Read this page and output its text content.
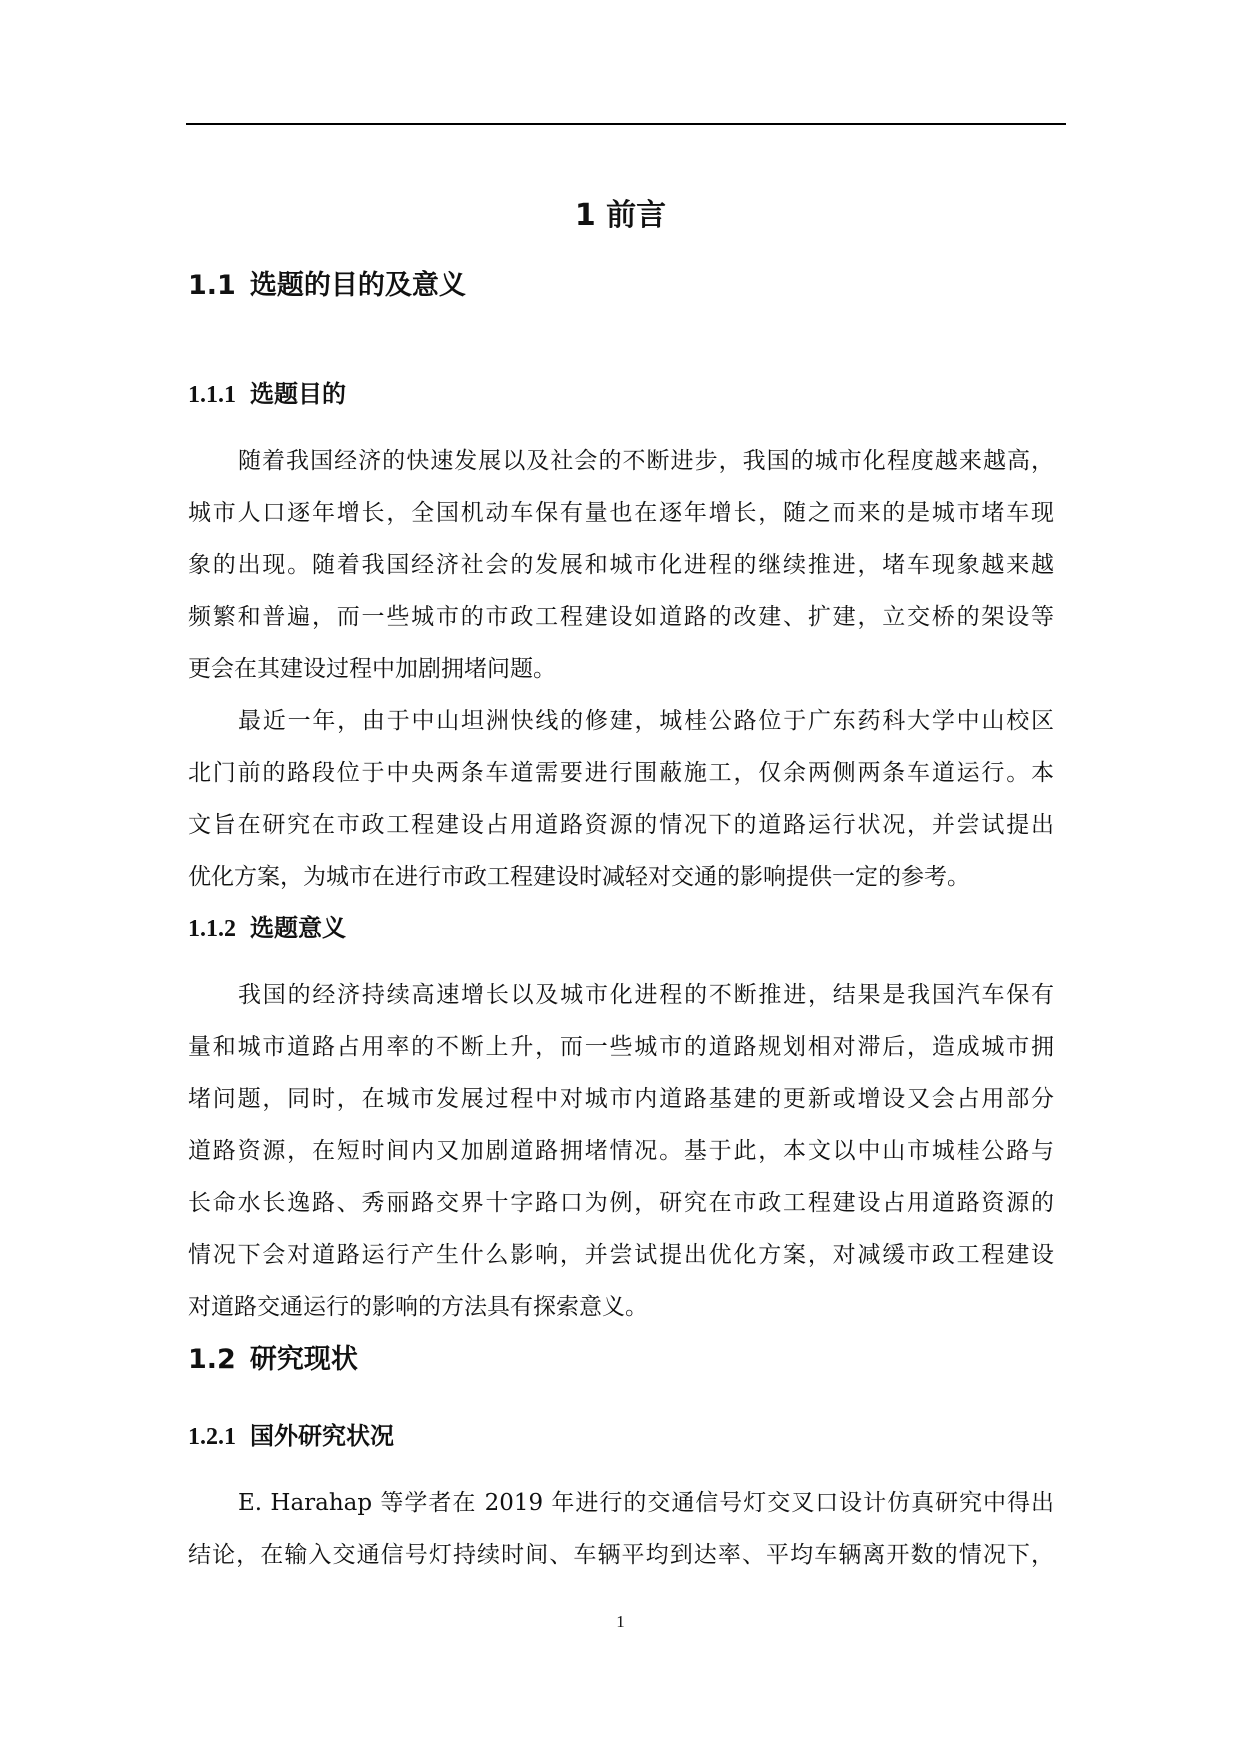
1 前言
1.1 选题的目的及意义
1.1.1 选题目的
随着我国经济的快速发展以及社会的不断进步，我国的城市化程度越来越高，
城市人口逐年增长，全国机动车保有量也在逐年增长，随之而来的是城市堵车现
象的出现。随着我国经济社会的发展和城市化进程的继续推进，堵车现象越来越
频繁和普遍，而一些城市的市政工程建设如道路的改建、扩建，立交桥的架设等
更会在其建设过程中加剧拥堵问题。
最近一年，由于中山坦洲快线的修建，城桂公路位于广东药科大学中山校区
北门前的路段位于中央两条车道需要进行围蔽施工，仅余两侧两条车道运行。本
文旨在研究在市政工程建设占用道路资源的情况下的道路运行状况，并尝试提出
优化方案，为城市在进行市政工程建设时减轻对交通的影响提供一定的参考。
1.1.2 选题意义
我国的经济持续高速增长以及城市化进程的不断推进，结果是我国汽车保有
量和城市道路占用率的不断上升，而一些城市的道路规划相对滞后，造成城市拥
堵问题，同时，在城市发展过程中对城市内道路基建的更新或增设又会占用部分
道路资源，在短时间内又加剧道路拥堵情况。基于此，本文以中山市城桂公路与
长命水长逸路、秀丽路交界十字路口为例，研究在市政工程建设占用道路资源的
情况下会对道路运行产生什么影响，并尝试提出优化方案，对减缓市政工程建设
对道路交通运行的影响的方法具有探索意义。
1.2 研究现状
1.2.1 国外研究状况
E. Harahap 等学者在 2019 年进行的交通信号灯交叉口设计仿真研究中得出
结论，在输入交通信号灯持续时间、车辆平均到达率、平均车辆离开数的情况下，
1
